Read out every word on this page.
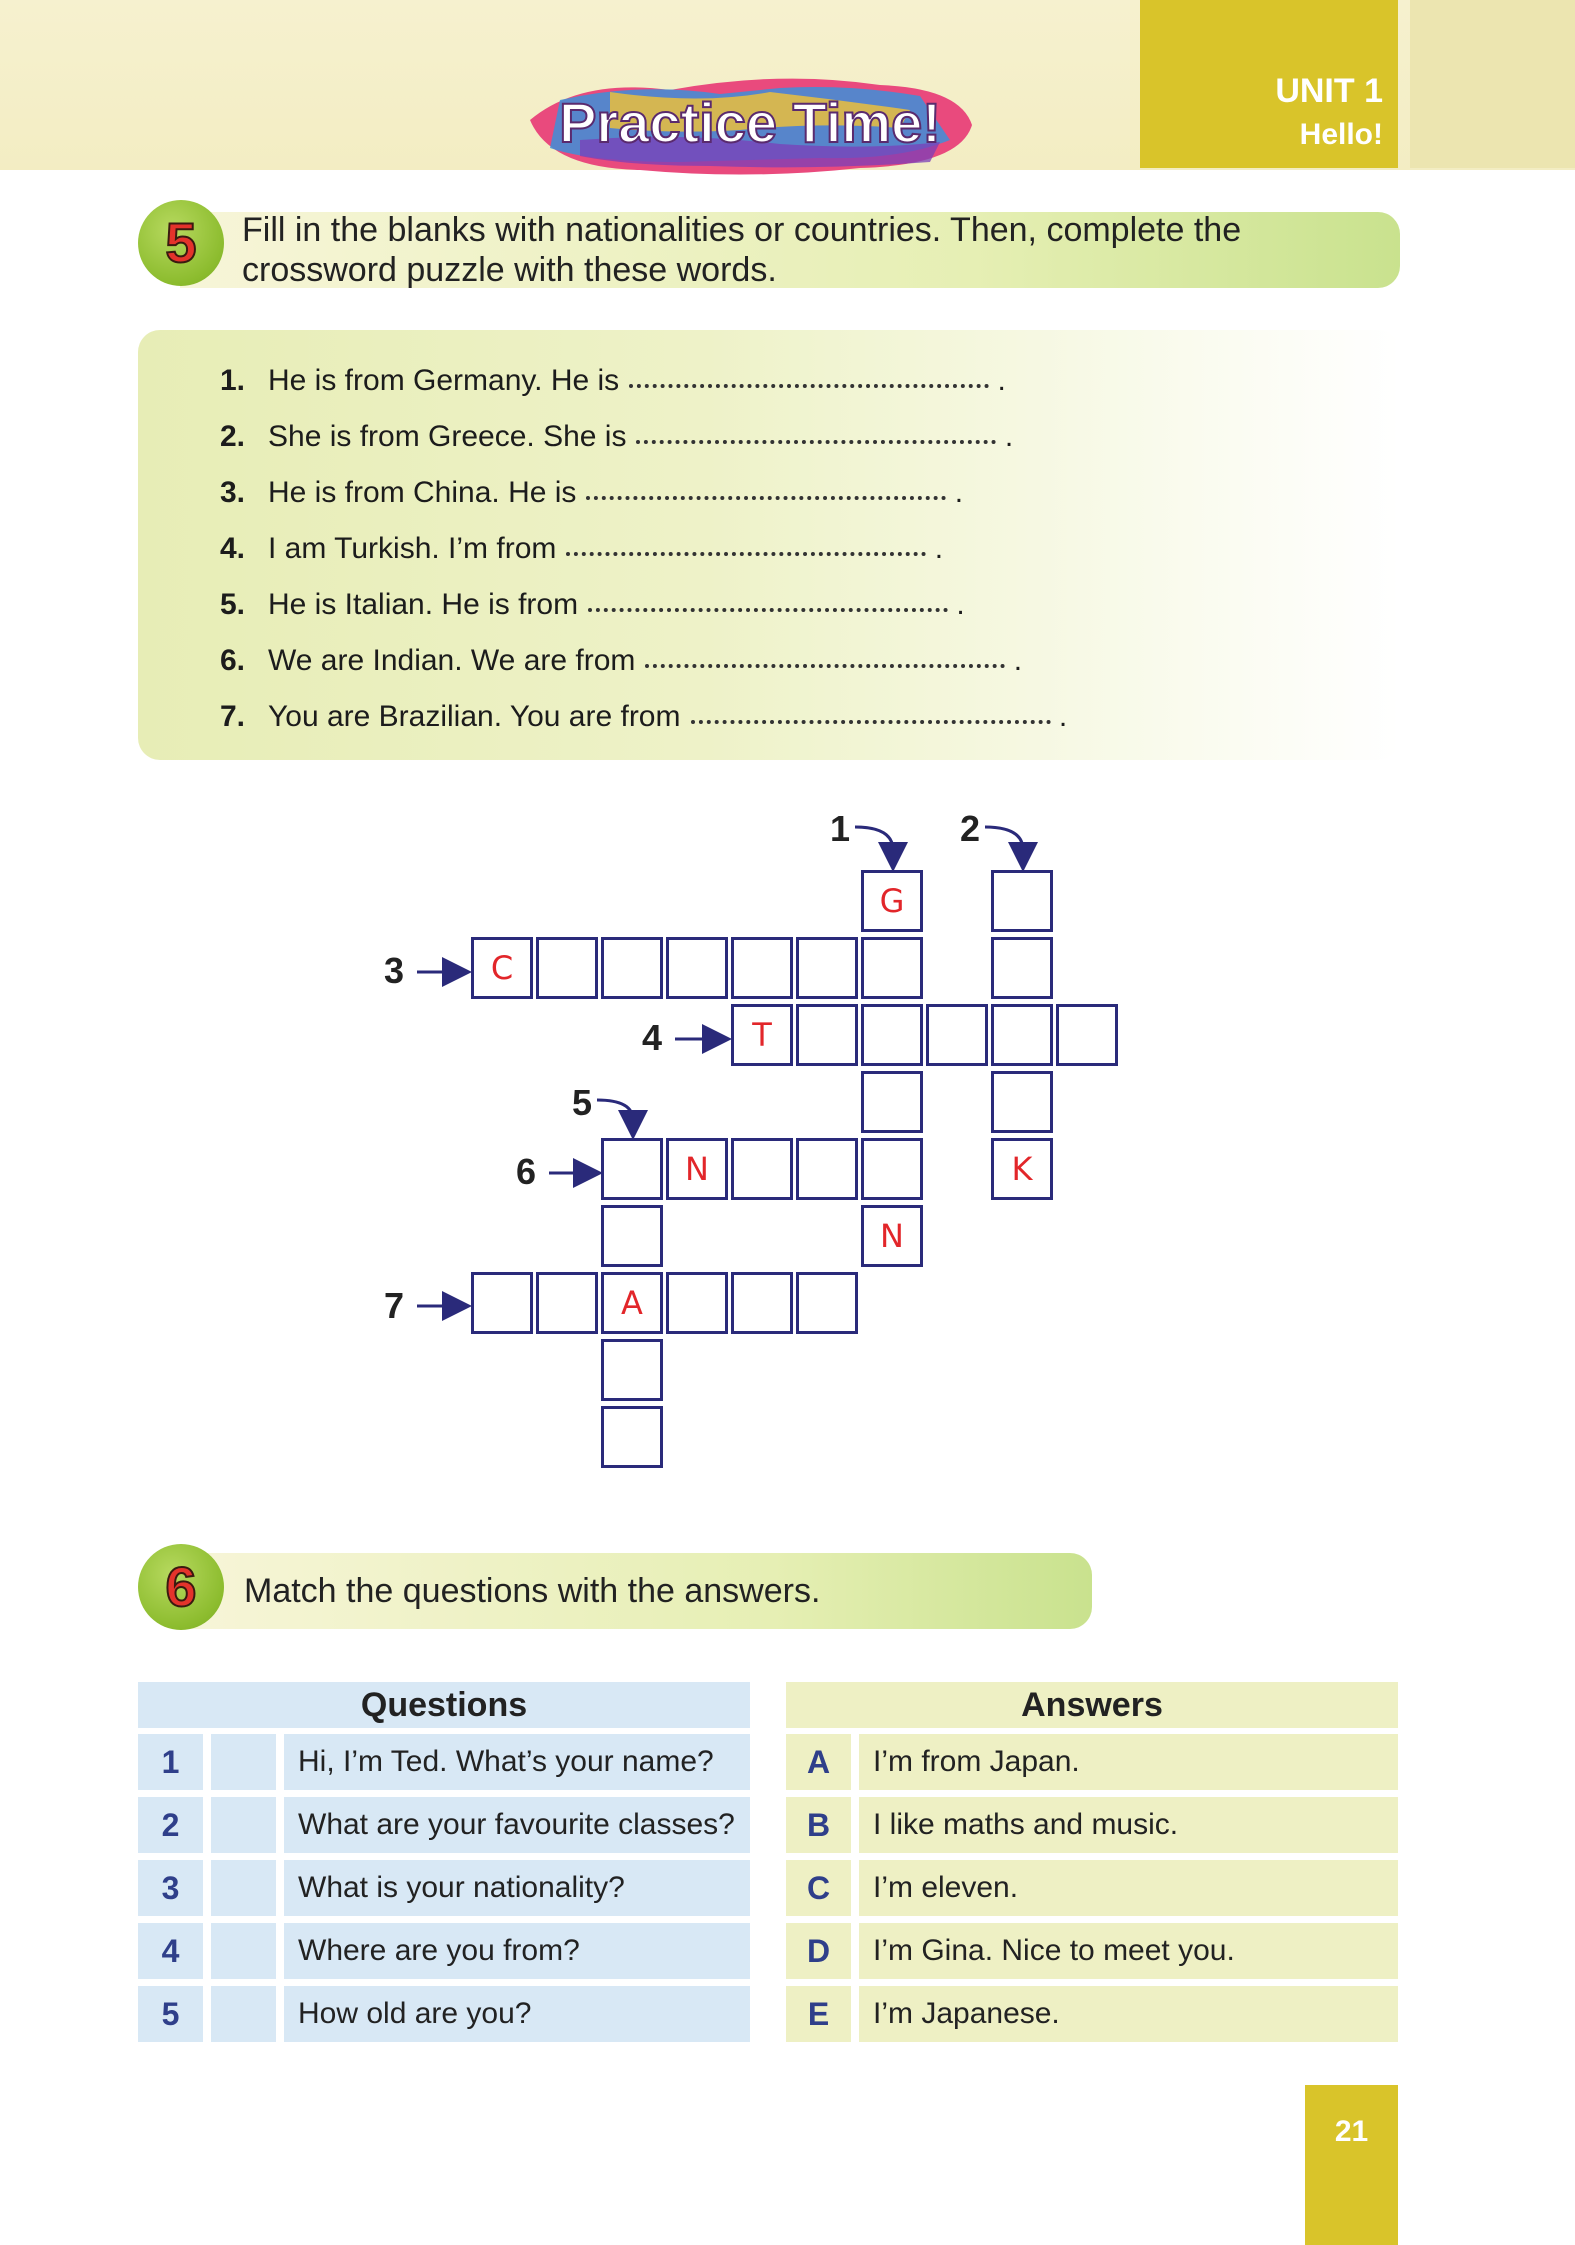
UNIT 1
Hello!
Practice Time!
5 Fill in the blanks with nationalities or countries. Then, complete the
crossword puzzle with these words.
1. He is from Germany. He is	.
2. She is from Greece. She is	.
3. He is from China. He is	.
4. I am Turkish. I’m from	.
5. He is Italian. He is from	.
6. We are Indian. We are from	.
7. You are Brazilian. You are from	.
C
G
N
K
T
N
A
1	2
3
4
5
6
7
6 Match the questions with the answers.
Questions
1	Hi, I’m Ted. What’s your name?
2	What are your favourite classes?
3	What is your nationality?
4	Where are you from?
5	How old are you?
Answers
A	I’m from Japan.
B	I like maths and music.
C	I’m eleven.
D	I’m Gina. Nice to meet you.
E	I’m Japanese.
21
